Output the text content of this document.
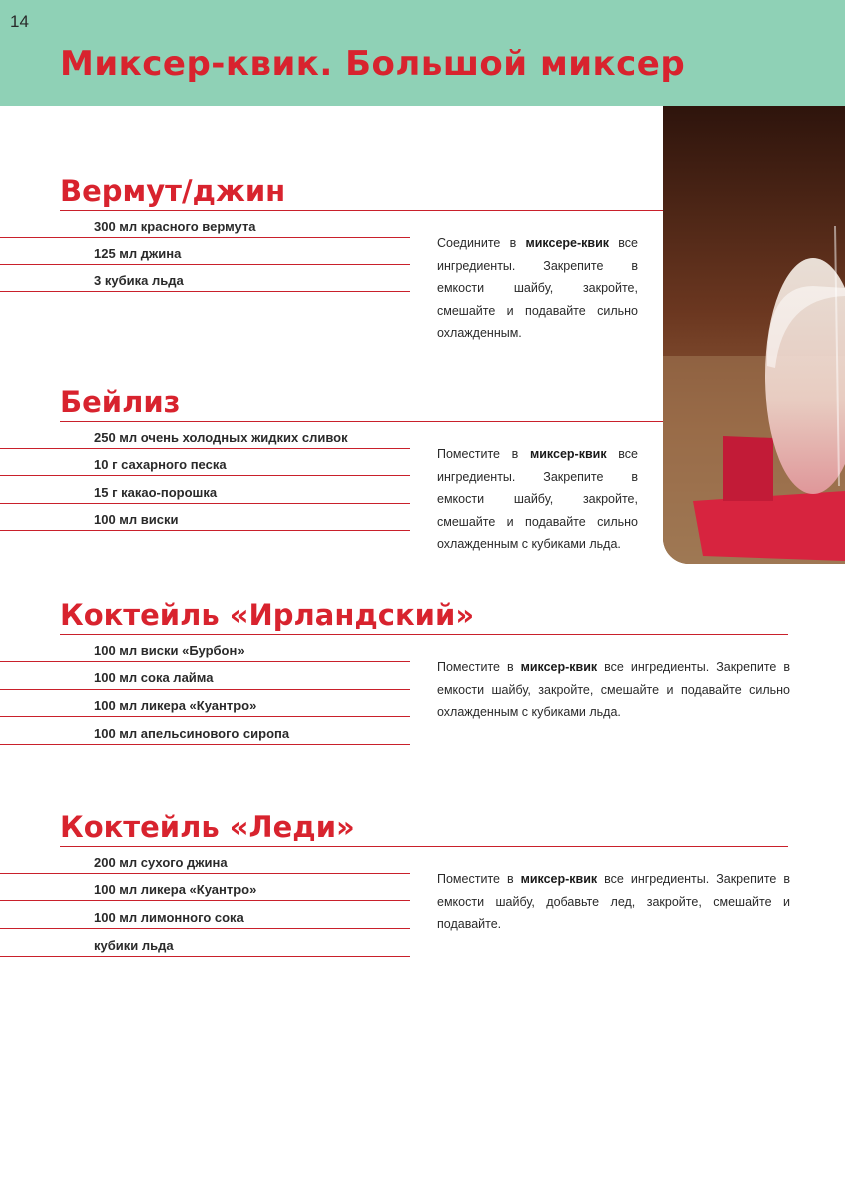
14
Миксер-квик. Большой миксер
Вермут/джин
300 мл красного вермута
125 мл джина
3 кубика льда

Соедините в миксере-квик все ингредиенты. Закрепите в емкости шайбу, закройте, смешайте и подавайте сильно охлажденным.

Бейлиз
250 мл очень холодных жидких сливок
10 г сахарного песка
15 г какао-порошка
100 мл виски

Поместите в миксер-квик все ингредиенты. Закрепите в емкости шайбу, закройте, смешайте и подавайте сильно охлажденным с кубиками льда.

Коктейль «Ирландский»
100 мл виски «Бурбон»
100 мл сока лайма
100 мл ликера «Куантро»
100 мл апельсинового сиропа

Поместите в миксер-квик все ингредиенты. Закрепите в емкости шайбу, закройте, смешайте и подавайте сильно охлажденным с кубиками льда.

Коктейль «Леди»
200 мл сухого джина
100 мл ликера «Куантро»
100 мл лимонного сока
кубики льда

Поместите в миксер-квик все ингредиенты. Закрепите в емкости шайбу, добавьте лед, закройте, смешайте и подавайте.
